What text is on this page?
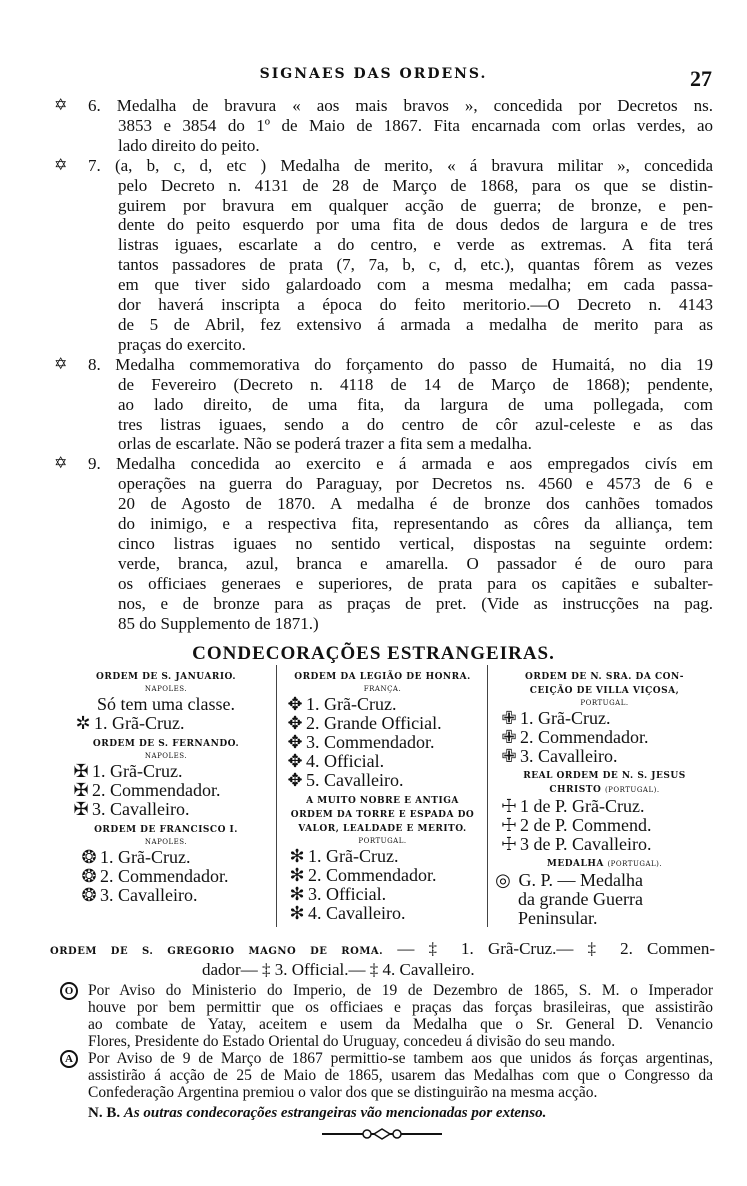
SIGNAES DAS ORDENS.	27
✡ 6. Medalha de bravura « aos mais bravos », concedida por Decretos ns.
3853 e 3854 do 1º de Maio de 1867. Fita encarnada com orlas verdes, ao
lado direito do peito.
✡ 7. (a, b, c, d, etc ) Medalha de merito, « á bravura militar », concedida
pelo Decreto n. 4131 de 28 de Março de 1868, para os que se distin-
guirem por bravura em qualquer acção de guerra; de bronze, e pen-
dente do peito esquerdo por uma fita de dous dedos de largura e de tres
listras iguaes, escarlate a do centro, e verde as extremas. A fita terá
tantos passadores de prata (7, 7a, b, c, d, etc.), quantas fôrem as vezes
em que tiver sido galardoado com a mesma medalha; em cada passa-
dor haverá inscripta a época do feito meritorio.—O Decreto n. 4143
de 5 de Abril, fez extensivo á armada a medalha de merito para as
praças do exercito.
✡ 8. Medalha commemorativa do forçamento do passo de Humaitá, no dia 19
de Fevereiro (Decreto n. 4118 de 14 de Março de 1868); pendente,
ao lado direito, de uma fita, da largura de uma pollegada, com
tres listras iguaes, sendo a do centro de côr azul-celeste e as das
orlas de escarlate. Não se poderá trazer a fita sem a medalha.
✡ 9. Medalha concedida ao exercito e á armada e aos empregados civís em
operações na guerra do Paraguay, por Decretos ns. 4560 e 4573 de 6 e
20 de Agosto de 1870. A medalha é de bronze dos canhões tomados
do inimigo, e a respectiva fita, representando as côres da alliança, tem
cinco listras iguaes no sentido vertical, dispostas na seguinte ordem:
verde, branca, azul, branca e amarella. O passador é de ouro para
os officiaes generaes e superiores, de prata para os capitães e subalter-
nos, e de bronze para as praças de pret. (Vide as instrucções na pag.
85 do Supplemento de 1871.)
CONDECORAÇÕES ESTRANGEIRAS.
ORDEM DE S. JANUARIO.
NAPOLES.
Só tem uma classe.
✲ 1. Grã-Cruz.
ORDEM DE S. FERNANDO.
NAPOLES.
✠ 1. Grã-Cruz.
✠ 2. Commendador.
✠ 3. Cavalleiro.
ORDEM DE FRANCISCO I.
NAPOLES.
❂ 1. Grã-Cruz.
❂ 2. Commendador.
❂ 3. Cavalleiro.
ORDEM DA LEGIÃO DE HONRA.
FRANÇA.
✥ 1. Grã-Cruz.
✥ 2. Grande Official.
✥ 3. Commendador.
✥ 4. Official.
✥ 5. Cavalleiro.
A MUITO NOBRE E ANTIGA
ORDEM DA TORRE E ESPADA DO
VALOR, LEALDADE E MERITO.
PORTUGAL.
✻ 1. Grã-Cruz.
✻ 2. Commendador.
✻ 3. Official.
✻ 4. Cavalleiro.
ORDEM DE N. SRA. DA CON-
CEIÇÃO DE VILLA VIÇOSA,
PORTUGAL.
✙ 1. Grã-Cruz.
✙ 2. Commendador.
✙ 3. Cavalleiro.
REAL ORDEM DE N. S. JESUS
CHRISTO (PORTUGAL).
☩ 1 de P. Grã-Cruz.
☩ 2 de P. Commend.
☩ 3 de P. Cavalleiro.
MEDALHA (PORTUGAL).
◎ G. P. — Medalha
da grande Guerra
Peninsular.
ORDEM DE S. GREGORIO MAGNO DE ROMA. — ‡ 1. Grã-Cruz.— ‡ 2. Commen-
dador— ‡ 3. Official.— ‡ 4. Cavalleiro.
O Por Aviso do Ministerio do Imperio, de 19 de Dezembro de 1865, S. M. o Imperador
houve por bem permittir que os officiaes e praças das forças brasileiras, que assistirão
ao combate de Yatay, aceitem e usem da Medalha que o Sr. General D. Venancio
Flores, Presidente do Estado Oriental do Uruguay, concedeu á divisão do seu mando.
A Por Aviso de 9 de Março de 1867 permittio-se tambem aos que unidos ás forças argentinas,
assistirão á acção de 25 de Maio de 1865, usarem das Medalhas com que o Congresso da
Confederação Argentina premiou o valor dos que se distinguirão na mesma acção.
N. B. As outras condecorações estrangeiras vão mencionadas por extenso.
